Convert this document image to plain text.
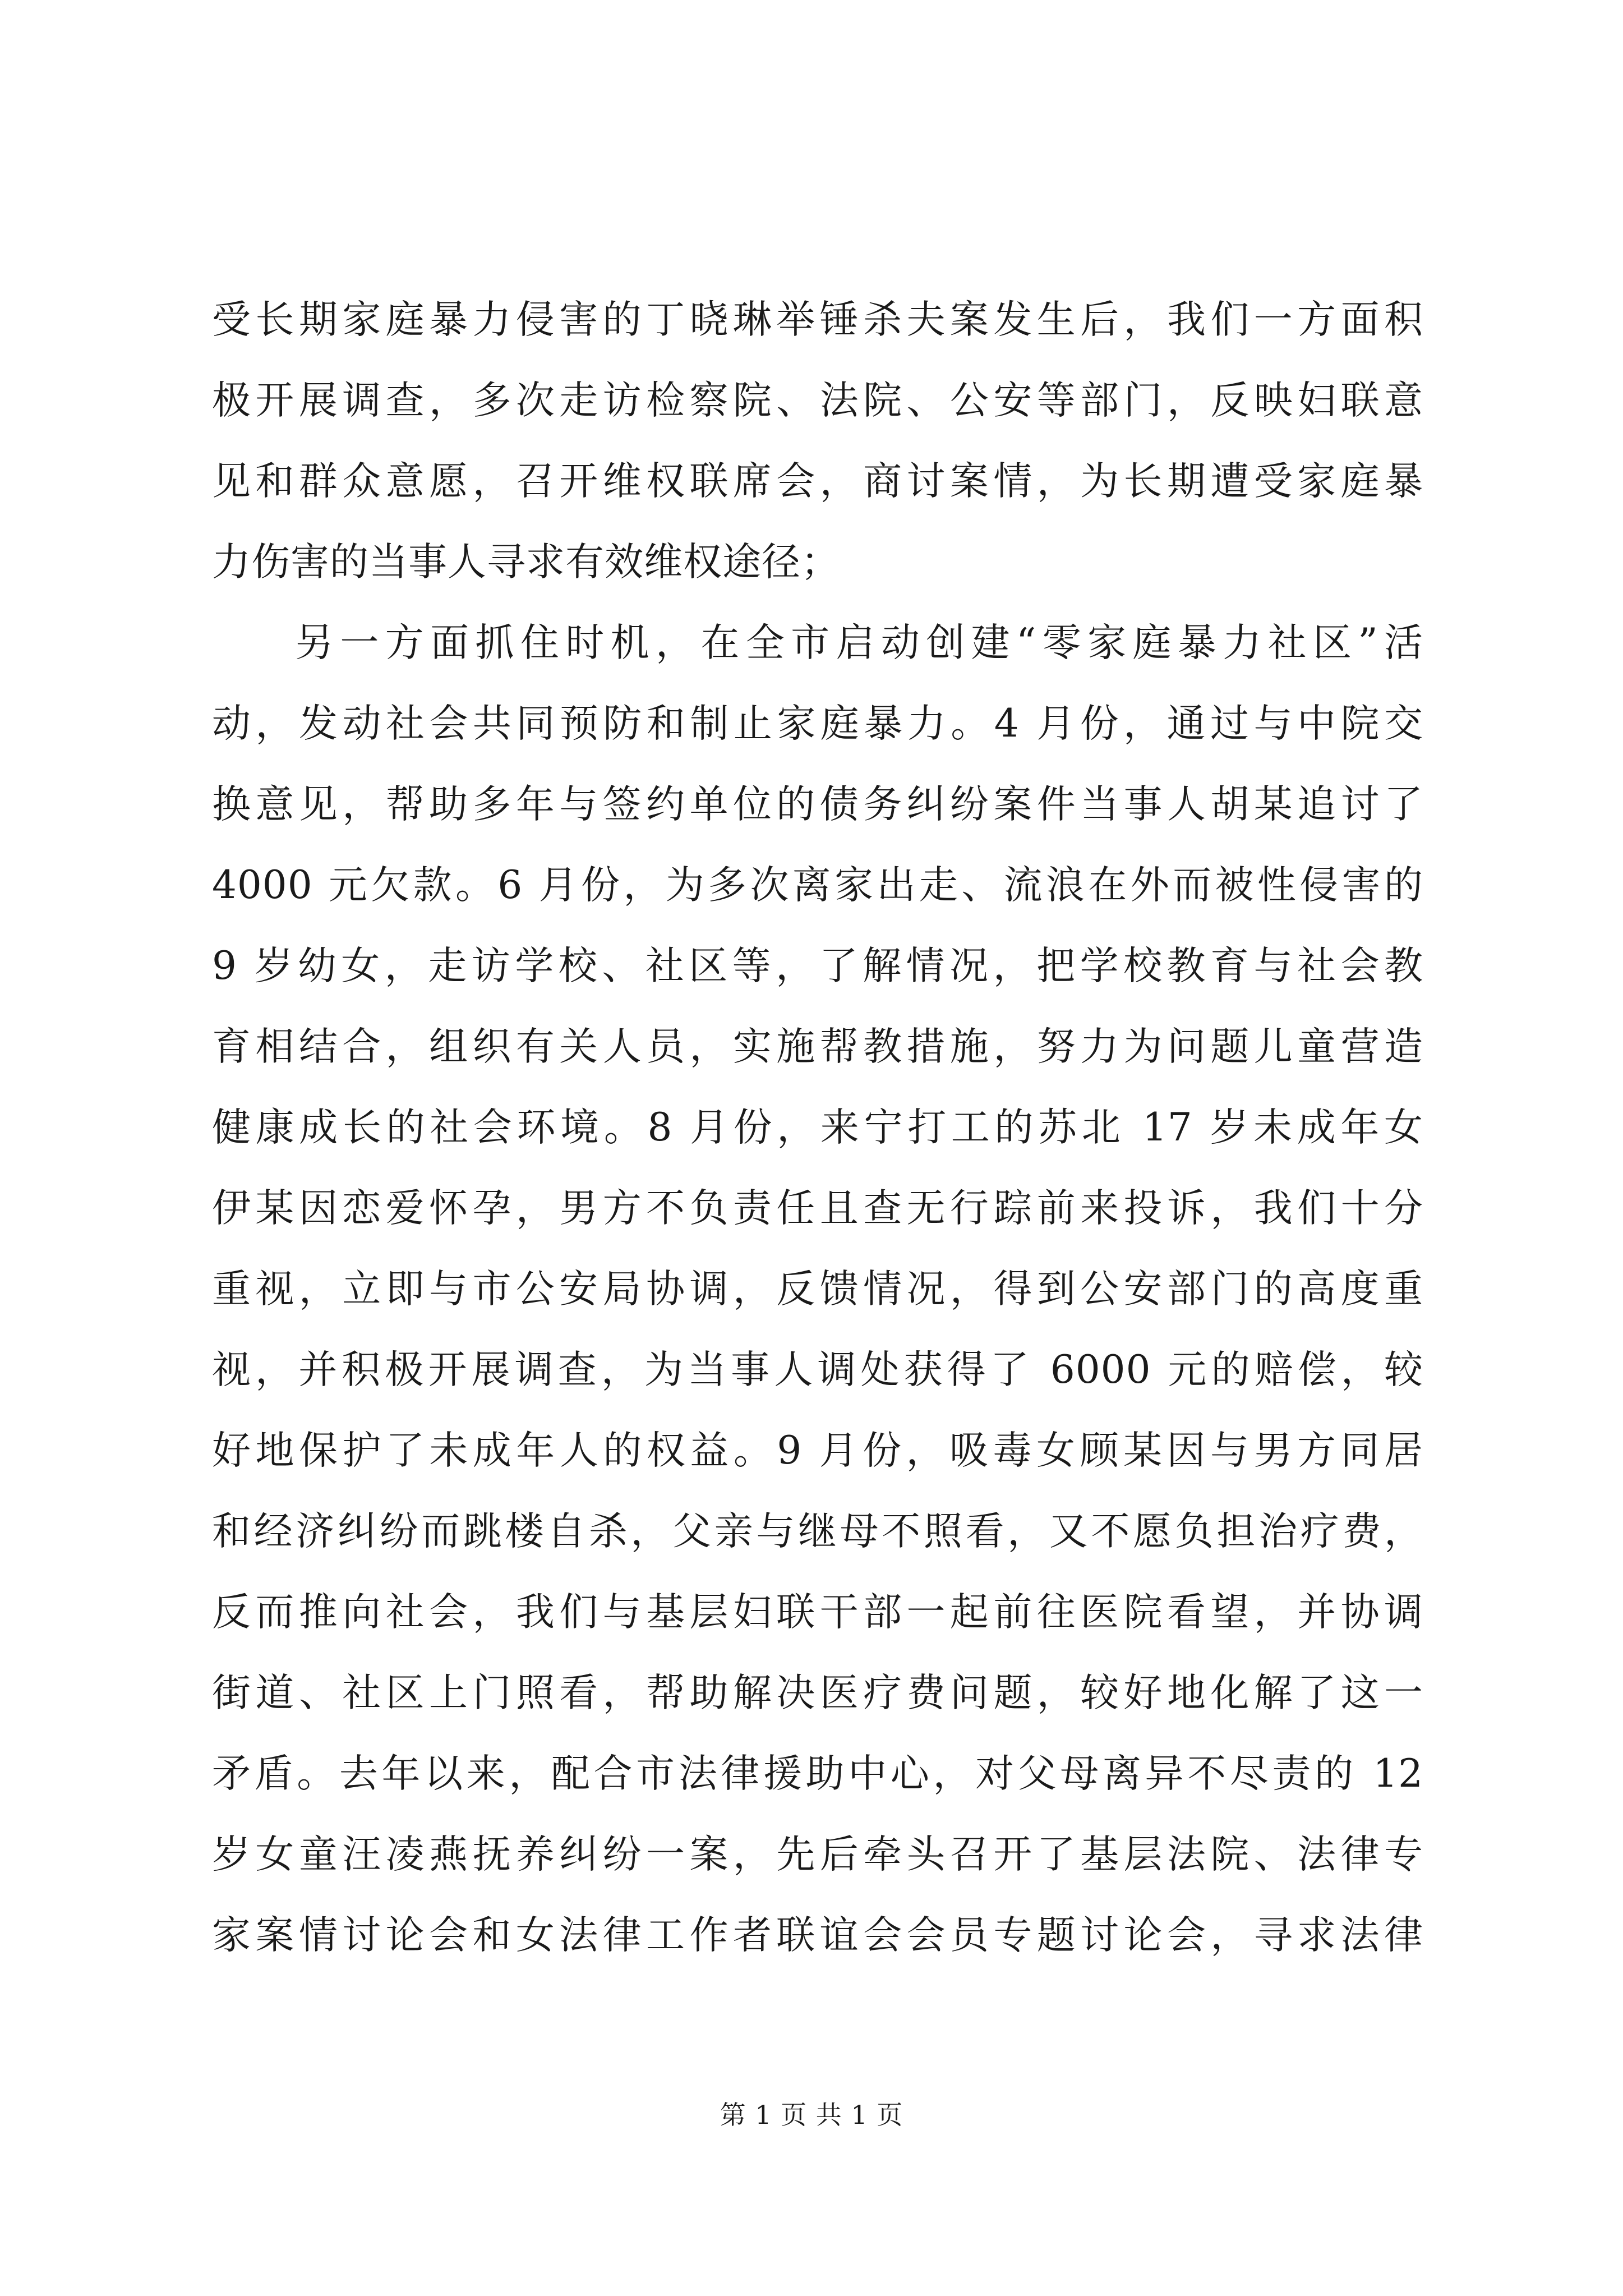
受长期家庭暴力侵害的丁晓琳举锤杀夫案发生后，我们一方面积
极开展调查，多次走访检察院、法院、公安等部门，反映妇联意
见和群众意愿，召开维权联席会，商讨案情，为长期遭受家庭暴
力伤害的当事人寻求有效维权途径；
另一方面抓住时机，在全市启动创建“零家庭暴力社区”活
动，发动社会共同预防和制止家庭暴力。4 月份，通过与中院交
换意见，帮助多年与签约单位的债务纠纷案件当事人胡某追讨了
4000 元欠款。6 月份，为多次离家出走、流浪在外而被性侵害的
9 岁幼女，走访学校、社区等，了解情况，把学校教育与社会教
育相结合，组织有关人员，实施帮教措施，努力为问题儿童营造
健康成长的社会环境。8 月份，来宁打工的苏北 17 岁未成年女
伊某因恋爱怀孕，男方不负责任且查无行踪前来投诉，我们十分
重视，立即与市公安局协调，反馈情况，得到公安部门的高度重
视，并积极开展调查，为当事人调处获得了 6000 元的赔偿，较
好地保护了未成年人的权益。9 月份，吸毒女顾某因与男方同居
和经济纠纷而跳楼自杀，父亲与继母不照看，又不愿负担治疗费，
反而推向社会，我们与基层妇联干部一起前往医院看望，并协调
街道、社区上门照看，帮助解决医疗费问题，较好地化解了这一
矛盾。去年以来，配合市法律援助中心，对父母离异不尽责的 12
岁女童汪凌燕抚养纠纷一案，先后牵头召开了基层法院、法律专
家案情讨论会和女法律工作者联谊会会员专题讨论会，寻求法律
第 1 页 共 1 页
